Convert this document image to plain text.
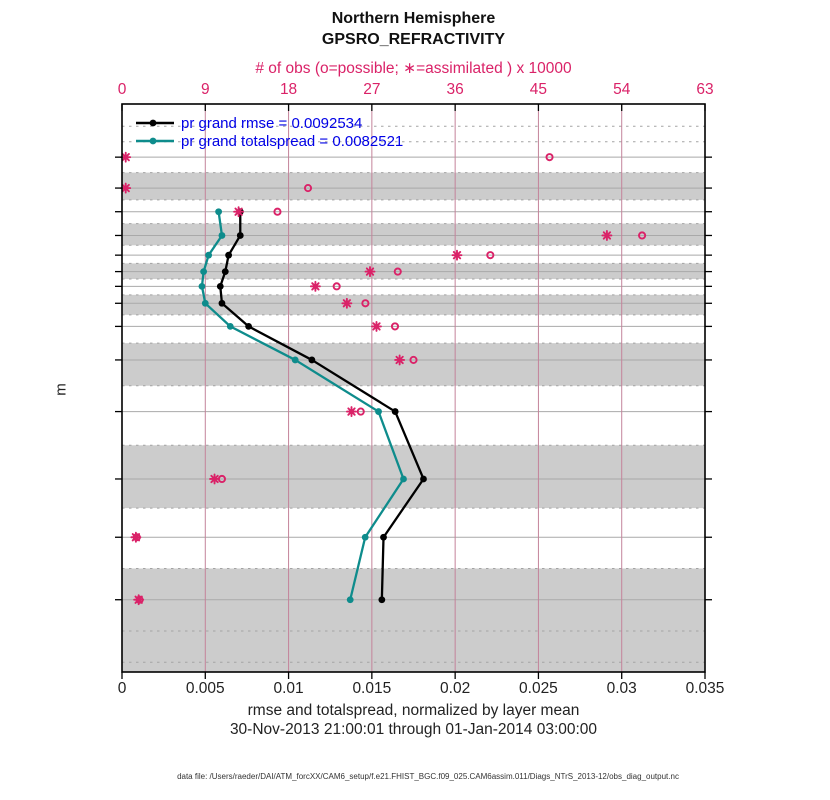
Northern Hemisphere
GPSRO_REFRACTIVITY
# of obs (o=possible; ∗=assimilated ) x 10000
0	9	18	27	36	45	54	63
m
0	0.005	0.01	0.015	0.02	0.025	0.03	0.035
rmse and totalspread, normalized by layer mean
30-Nov-2013 21:00:01 through 01-Jan-2014 03:00:00
pr grand rmse = 0.0092534
pr grand totalspread = 0.0082521
data file: /Users/raeder/DAI/ATM_forcXX/CAM6_setup/f.e21.FHIST_BGC.f09_025.CAM6assim.011/Diags_NTrS_2013-12/obs_diag_output.nc
